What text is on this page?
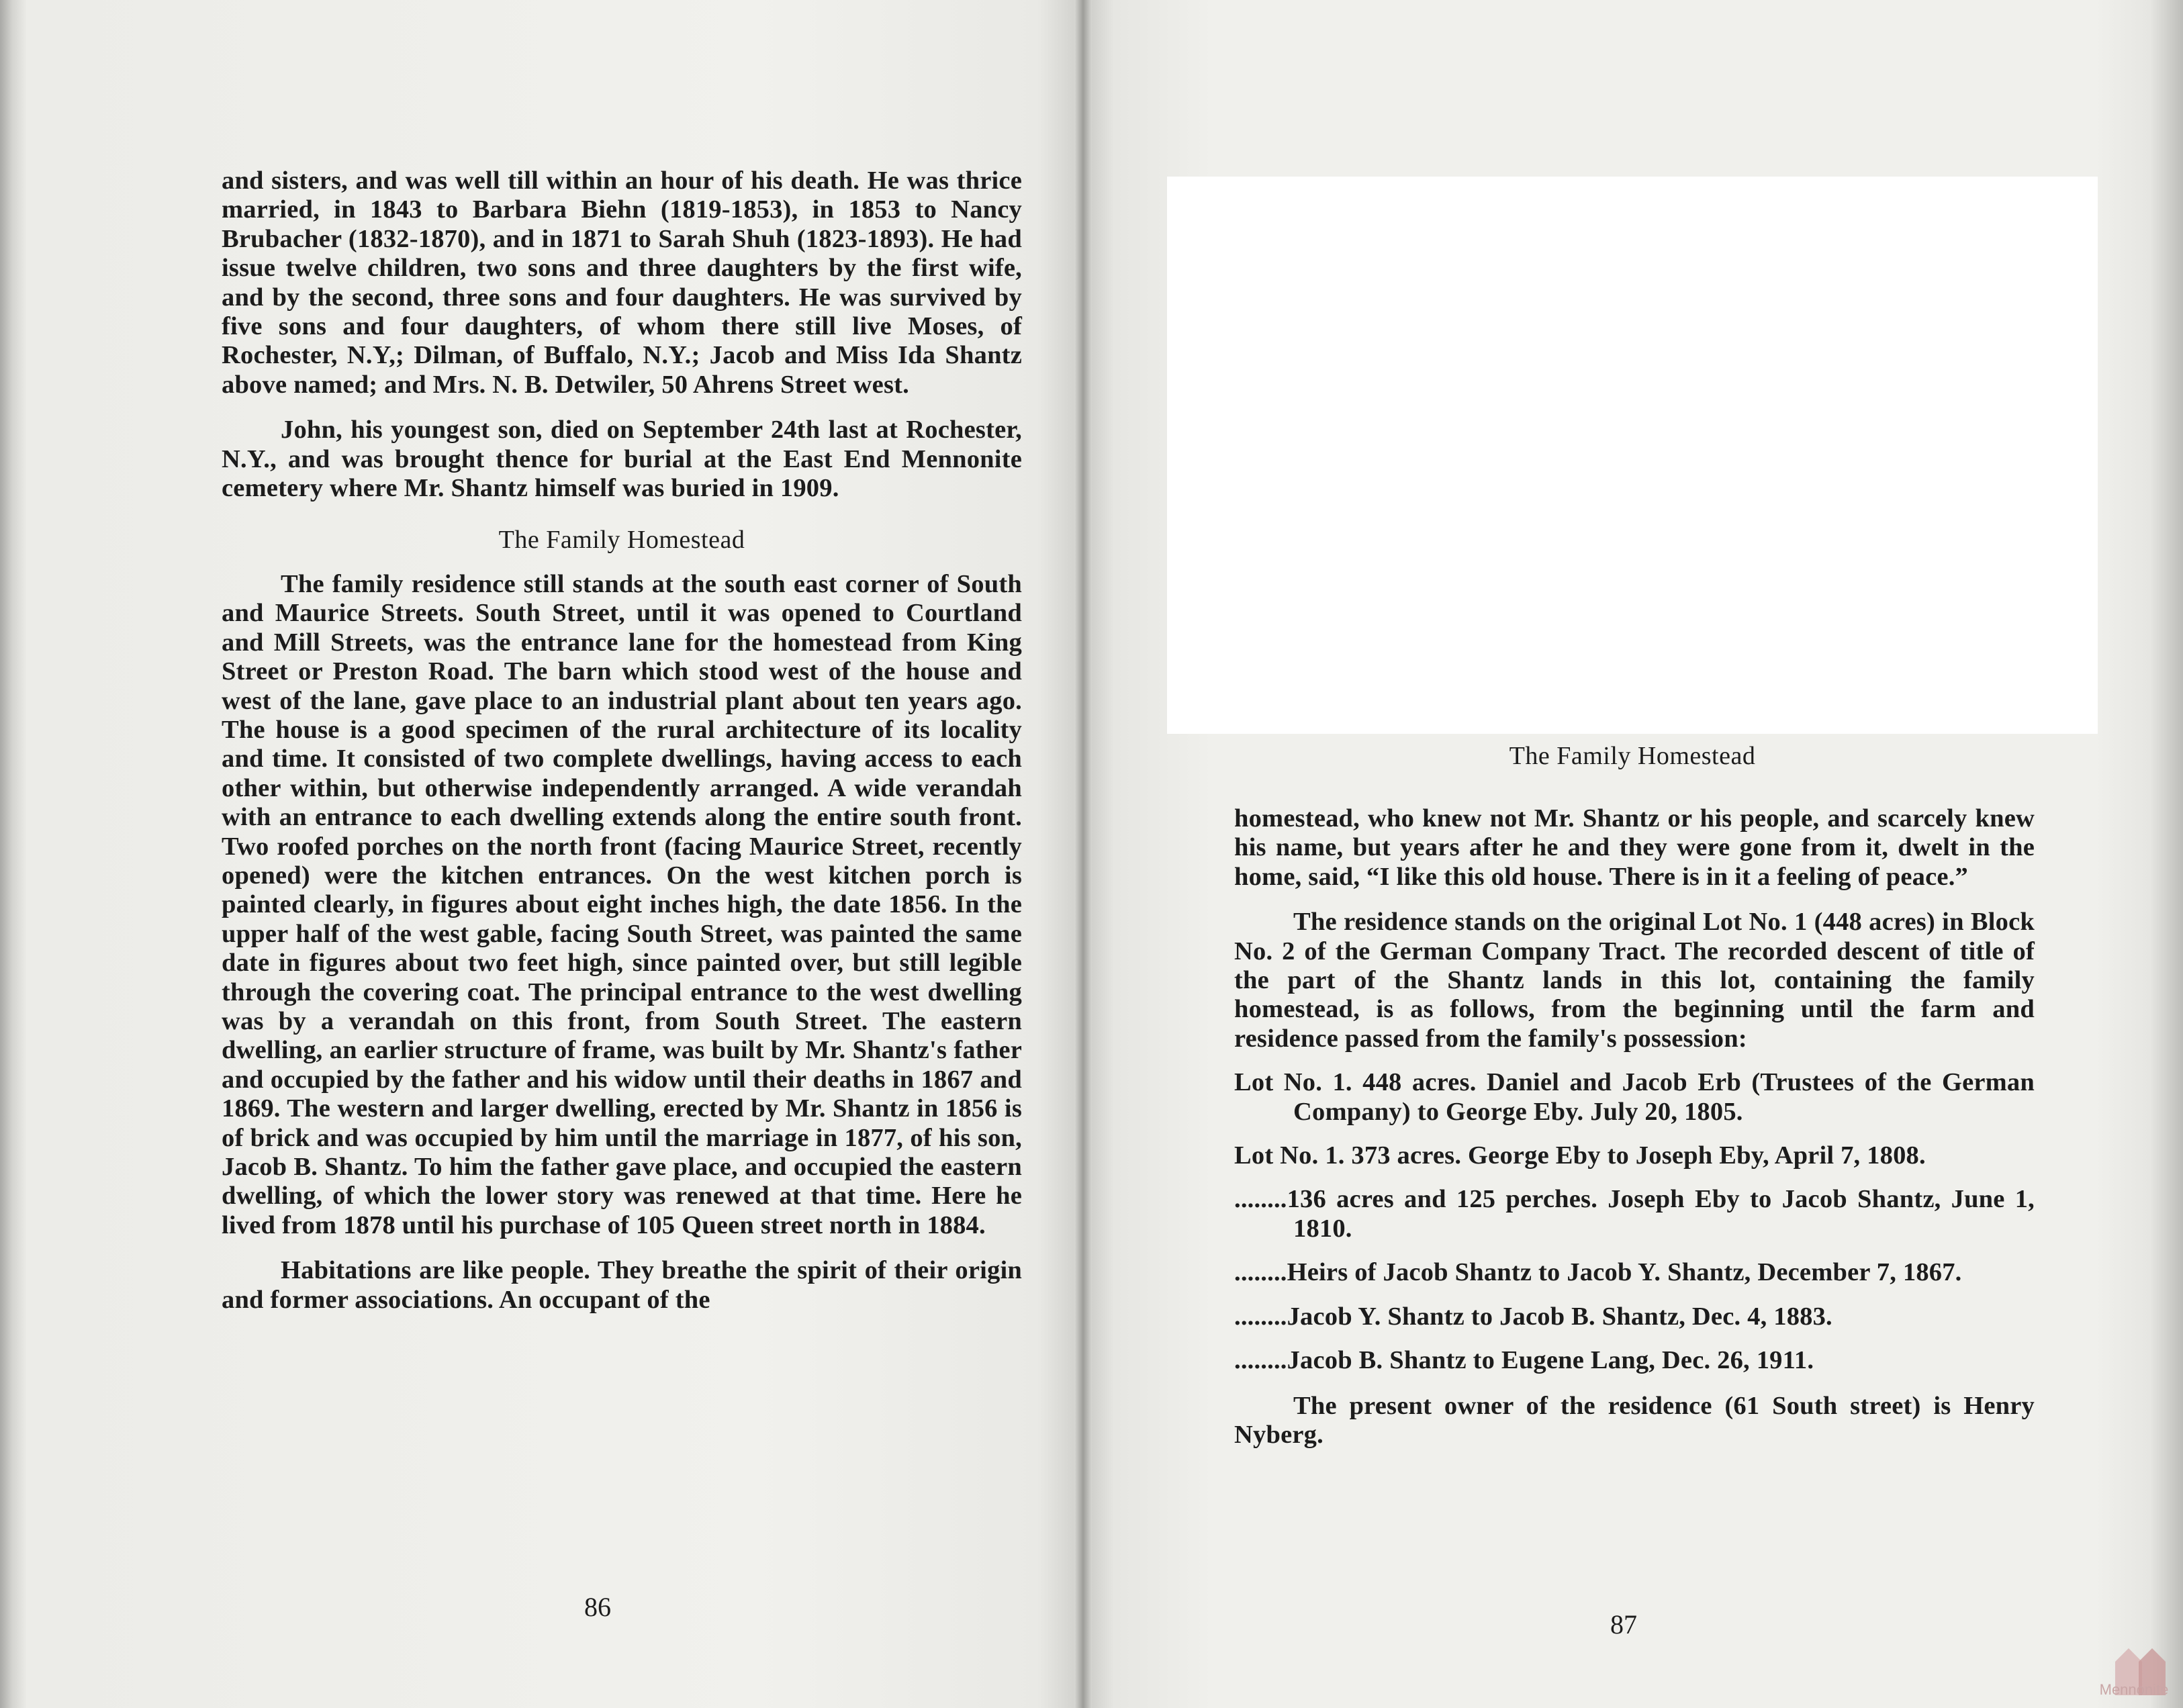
and sisters, and was well till within an hour of his death. He was thrice married, in 1843 to Barbara Biehn (1819-1853), in 1853 to Nancy Brubacher (1832-1870), and in 1871 to Sarah Shuh (1823-1893). He had issue twelve children, two sons and three daughters by the first wife, and by the second, three sons and four daughters. He was survived by five sons and four daughters, of whom there still live Moses, of Rochester, N.Y,; Dilman, of Buffalo, N.Y.; Jacob and Miss Ida Shantz above named; and Mrs. N. B. Detwiler, 50 Ahrens Street west.

John, his youngest son, died on September 24th last at Rochester, N.Y., and was brought thence for burial at the East End Mennonite cemetery where Mr. Shantz himself was buried in 1909.

The Family Homestead

The family residence still stands at the south east corner of South and Maurice Streets. South Street, until it was opened to Courtland and Mill Streets, was the entrance lane for the homestead from King Street or Preston Road. The barn which stood west of the house and west of the lane, gave place to an industrial plant about ten years ago. The house is a good specimen of the rural architecture of its locality and time. It consisted of two complete dwellings, having access to each other within, but otherwise independently arranged. A wide verandah with an entrance to each dwelling extends along the entire south front. Two roofed porches on the north front (facing Maurice Street, recently opened) were the kitchen entrances. On the west kitchen porch is painted clearly, in figures about eight inches high, the date 1856. In the upper half of the west gable, facing South Street, was painted the same date in figures about two feet high, since painted over, but still legible through the covering coat. The principal entrance to the west dwelling was by a verandah on this front, from South Street. The eastern dwelling, an earlier structure of frame, was built by Mr. Shantz's father and occupied by the father and his widow until their deaths in 1867 and 1869. The western and larger dwelling, erected by Mr. Shantz in 1856 is of brick and was occupied by him until the marriage in 1877, of his son, Jacob B. Shantz. To him the father gave place, and occupied the eastern dwelling, of which the lower story was renewed at that time. Here he lived from 1878 until his purchase of 105 Queen street north in 1884.

Habitations are like people. They breathe the spirit of their origin and former associations. An occupant of the

86
The Family Homestead

homestead, who knew not Mr. Shantz or his people, and scarcely knew his name, but years after he and they were gone from it, dwelt in the home, said, “I like this old house. There is in it a feeling of peace.”

The residence stands on the original Lot No. 1 (448 acres) in Block No. 2 of the German Company Tract. The recorded descent of title of the part of the Shantz lands in this lot, containing the family homestead, is as follows, from the beginning until the farm and residence passed from the family's possession:

Lot No. 1. 448 acres. Daniel and Jacob Erb (Trustees of the German Company) to George Eby. July 20, 1805.

Lot No. 1. 373 acres. George Eby to Joseph Eby, April 7, 1808.

........136 acres and 125 perches. Joseph Eby to Jacob Shantz, June 1, 1810.

........Heirs of Jacob Shantz to Jacob Y. Shantz, December 7, 1867.

........Jacob Y. Shantz to Jacob B. Shantz, Dec. 4, 1883.

........Jacob B. Shantz to Eugene Lang, Dec. 26, 1911.

The present owner of the residence (61 South street) is Henry Nyberg.

87
Mennonite
